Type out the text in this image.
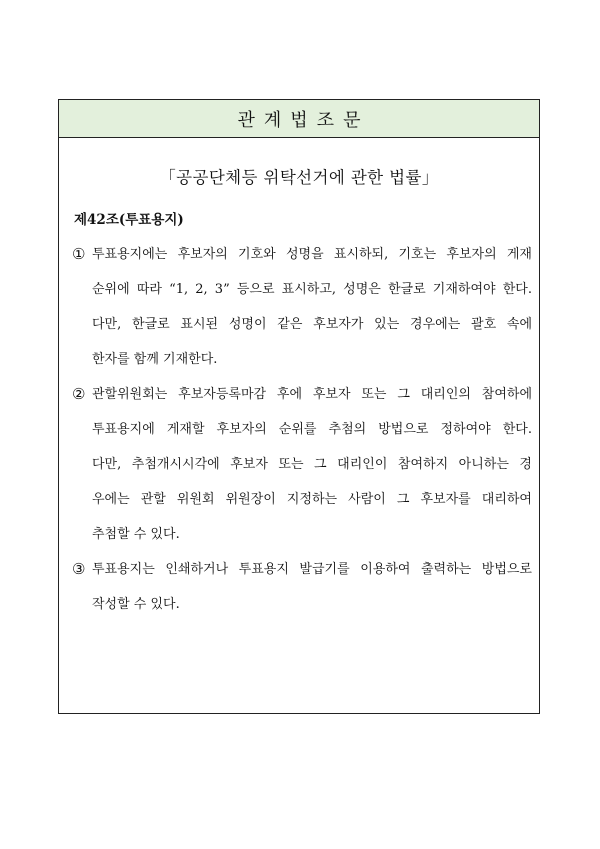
관계법조문
「공공단체등 위탁선거에 관한 법률」
제42조(투표용지)
① 투표용지에는 후보자의 기호와 성명을 표시하되, 기호는 후보자의 게재
순위에 따라 “1, 2, 3” 등으로 표시하고, 성명은 한글로 기재하여야 한다.
다만, 한글로 표시된 성명이 같은 후보자가 있는 경우에는 괄호 속에
한자를 함께 기재한다.
② 관할위원회는 후보자등록마감 후에 후보자 또는 그 대리인의 참여하에
투표용지에 게재할 후보자의 순위를 추첨의 방법으로 정하여야 한다.
다만, 추첨개시시각에 후보자 또는 그 대리인이 참여하지 아니하는 경
우에는 관할 위원회 위원장이 지정하는 사람이 그 후보자를 대리하여
추첨할 수 있다.
③ 투표용지는 인쇄하거나 투표용지 발급기를 이용하여 출력하는 방법으로
작성할 수 있다.
